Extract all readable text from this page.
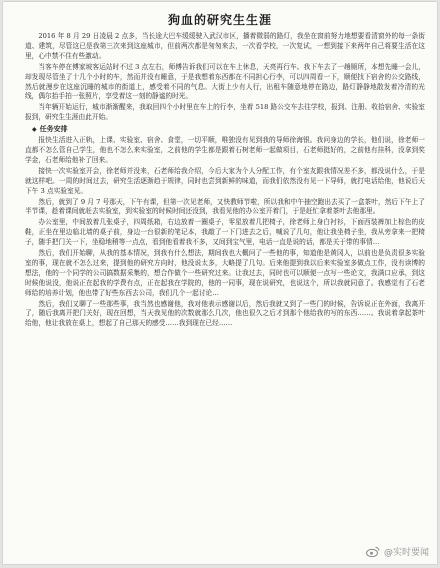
狗血的研究生生涯

2016 年 8 月 29 日凌晨 2 点多，当长途大巴车缓缓驶入武汉市区，播着微弱的路灯，我坐在窗前努力地想要看清窗外的每一条街道、建筑，尽管这已是我第三次来到这座城市，但前两次都是匆匆来去，一次看学校，一次复试，一想到接下来两年自己将要生活在这里，心中禁不住有些激动。

当客车停在傅家坡客运站时不过 3 点左右，师傅告诉我们可以在车上休息，天亮再行车。我下车去了一趟厕所，本想先睡一会儿，却发现尽管坐了十几个小时的车，然而并没有睡意，于是我想着东西都在不同担心行李，可以四周看一下，顺便找下宿舍的公交路线，然后就漫步在这座沉睡的城市的街道上，感受着不同的气息。大街上少有人行，出租车随意地停在路边，路灯静静地散发着冷清的光线，偶尔抬手拍一张照片，享受着这一刻的静谧的时光。

当年辆开始运行，城市渐渐醒来，我取回四个小时里在车上的行李，坐着 518 路公交车去往学校，报到、注册、收拾宿舍、实验室报到，研究生生涯由此开始。

◆ 任务安排

报快生活进入正轨，上课、实验室、宿舍、食堂，一切平顺，唯独没有见到我的导师徐海银。我问身边的学长，他们说，徐老师一直都不怎么管自己学生，他也不怎么来实验室，之前他的学生都是跟着石树老师一起做项目，石老师挺好的，之前他有挂科，没拿到奖学金，石老师给他补了回来。

接快一次实验室开会，徐老师并没来，石老师给我介绍，今后大家为个人分配工作，有个室友跟我情况差不多，都没说什么，于是就这样吧。一周的时间过去，研究生活逐渐趋于规律，同时也尝到新鲜的味道，而我们依然没有见一下导师，就打电话给他，他说后天下午 3 点实验室见。

然后，就到了 9 月 7 号那天，下午有课，但第一次见老师，又快教师节啦，所以我和中午抽空跑出去买了一盒茶叶，然后下午上了半节课，趁着课间就赶去实验室，到实验室的时候时间还没到，我看见他的办公室开着门，于是赶忙拿着茶叶去他那里。

办公室里，中间放着几张桌子，四周纸箱，右边放着一圈桌子，零星放着几把椅子，徐老师上身白衬衫，下面西装裤加上棕色的皮鞋，正坐在里边临北墙的桌子前，身边一台很新的笔记本，我敲了一下门进去之后，喊说了几句，他让我坐椅子坐，我从旁拿来一把椅子，随手把门关一下，坐稳地稍等一点点，看到他看着我不多，又间到宝气里，电话一直是说的话，都是关于带的事情…

然后，我们开始聊，从我的基本情况，到我有什么想法，期间我也大概问了一些他的事，知道他是黄冈人，以前也是负责很多实验室的事，现在就不怎么过来，提到他的研究方向时，他没说太多，大略提了几句。后来他提到我以后来实验室多做点工作，没有读博的想法，他的一个同学的公司搞数据采集的，想合作做个一些研究过来。让我过去，同时也可以顺便一点写一些论文，我满口应承，到这时候他说没，他说正在起我的学费有点，正在起我在学院的，他的一同事，现在说研究，也说这个，所以我就同意了。我感觉有了石老师给的培养计划，他也带了好些东西去公司，我们几个一起讨论…

然后，我们又聊了一些那些事，我当然也感谢他，我对他表示感谢以后，然后我就又到了一些门的时候，告诉说正在外面，我离开了，随后我离开把门关好，现在回想，当天我见他的次数就那么几次，他也很久之后才到那个他给我的写的东西……。我说着拿起茶叶给他，他让我放在桌上，想起了自己那天的感受……我到现在已经……

@实时要闻
